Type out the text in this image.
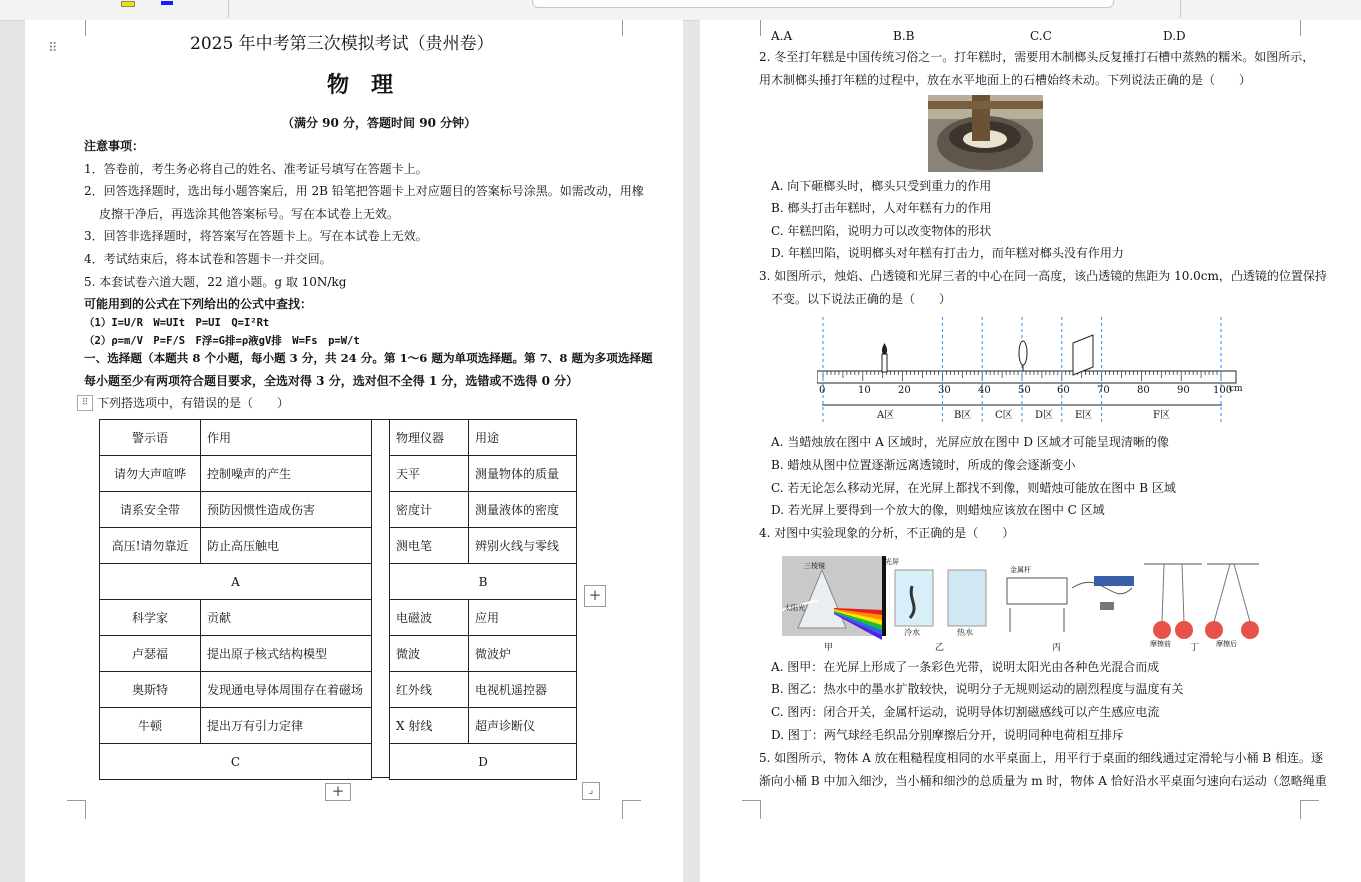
⠿	2025 年中考第三次模拟考试（贵州卷）
物　理
（满分 90 分，答题时间 90 分钟）
注意事项：
1．答卷前，考生务必将自己的姓名、准考证号填写在答题卡上。
2．回答选择题时，选出每小题答案后，用 2B 铅笔把答题卡上对应题目的答案标号涂黑。如需改动，用橡
皮擦干净后，再选涂其他答案标号。写在本试卷上无效。
3．回答非选择题时，将答案写在答题卡上。写在本试卷上无效。
4．考试结束后，将本试卷和答题卡一并交回。
5. 本套试卷六道大题，22 道小题。g 取 10N/kg
可能用到的公式在下列给出的公式中查找：
（1）I=U/R　W=UIt　P=UI　Q=I²Rt
（2）ρ=m/V　P=F/S　F浮=G排=ρ液gV排　W=Fs　p=W/t
一、选择题（本题共 8 个小题，每小题 3 分，共 24 分。第 1～6 题为单项选择题。第 7、8 题为多项选择题
每小题至少有两项符合题目要求，全选对得 3 分，选对但不全得 1 分，选错或不选得 0 分）
⠿ 下列搭选项中，有错误的是（　　）
警示语	作用
请勿大声喧哗	控制噪声的产生
请系安全带	预防因惯性造成伤害
高压!请勿靠近	防止高压触电
A	
科学家	贡献
卢瑟福	提出原子核式结构模型
奥斯特	发现通电导体周围存在着磁场
牛顿	提出万有引力定律
C	
物理仪器	用途
天平	测量物体的质量
密度计	测量液体的密度
测电笔	辨别火线与零线
B	
电磁波	应用
微波	微波炉
红外线	电视机遥控器
X 射线	超声诊断仪
D	
+
+	⌟
A.A	B.B	C.C	D.D
2. 冬至打年糕是中国传统习俗之一。打年糕时，需要用木制榔头反复捶打石槽中蒸熟的糯米。如图所示，
用木制榔头捶打年糕的过程中，放在水平地面上的石槽始终未动。下列说法正确的是（　　）
A. 向下砸榔头时，榔头只受到重力的作用
B. 榔头打击年糕时，人对年糕有力的作用
C. 年糕凹陷，说明力可以改变物体的形状
D. 年糕凹陷，说明榔头对年糕有打击力，而年糕对榔头没有作用力
3. 如图所示，烛焰、凸透镜和光屏三者的中心在同一高度，该凸透镜的焦距为 10.0cm，凸透镜的位置保持
不变。以下说法正确的是（　　）
0	10	20	30	40	50	60	70	80	90 100
cm
A区	B区 C区 D区 E区	F区
A. 当蜡烛放在图中 A 区域时，光屏应放在图中 D 区域才可能呈现清晰的像
B. 蜡烛从图中位置逐渐远离透镜时，所成的像会逐渐变小
C. 若无论怎么移动光屏，在光屏上都找不到像，则蜡烛可能放在图中 B 区域
D. 若光屏上要得到一个放大的像，则蜡烛应该放在图中 C 区域
4. 对图中实验现象的分析，不正确的是（　　）
三棱镜	光屏
太阳光
冷水	热水
金属杆
摩擦前	摩擦后
甲	乙	丙	丁
A. 图甲：在光屏上形成了一条彩色光带，说明太阳光由各种色光混合而成
B. 图乙：热水中的墨水扩散较快，说明分子无规则运动的剧烈程度与温度有关
C. 图丙：闭合开关，金属杆运动，说明导体切割磁感线可以产生感应电流
D. 图丁：两气球经毛织品分别摩擦后分开，说明同种电荷相互排斥
5. 如图所示，物体 A 放在粗糙程度相同的水平桌面上，用平行于桌面的细线通过定滑轮与小桶 B 相连。逐
渐向小桶 B 中加入细沙，当小桶和细沙的总质量为 m 时，物体 A 恰好沿水平桌面匀速向右运动（忽略绳重
